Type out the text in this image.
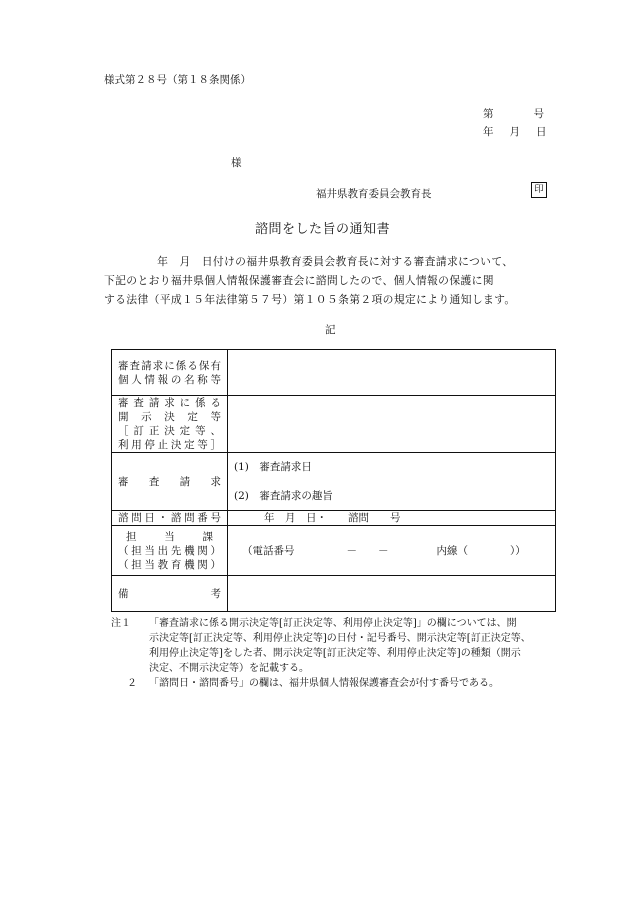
様式第２８号（第１８条関係）
第	号
年 月 日
様
福井県教育委員会教育長	印
諮問をした旨の通知書
　年　月　日付けの福井県教育委員会教育長に対する審査請求について、
下記のとおり福井県個人情報保護審査会に諮問したので、個人情報の保護に関
する法律（平成１５年法律第５７号）第１０５条第２項の規定により通知します。
記
審査請求に係る保有
個人情報の名称等	

審査請求に係る
開示決定等
［訂正決定等、
利用停止決定等］	

審査請求	(1)　審査請求日
(2)　審査請求の趣旨

諮問日・諮問番号	年　月　日・　　諮問　　号

担当課
（担当出先機関）
（担当教育機関）	（電話番号 －　　－ 内線（ ））

備考	

注１ 「審査請求に係る開示決定等[訂正決定等、利用停止決定等]」の欄については、開
示決定等[訂正決定等、利用停止決定等]の日付・記号番号、開示決定等[訂正決定等、
利用停止決定等]をした者、開示決定等[訂正決定等、利用停止決定等]の種類（開示
決定、不開示決定等）を記載する。
２ 「諮問日・諮問番号」の欄は、福井県個人情報保護審査会が付す番号である。
